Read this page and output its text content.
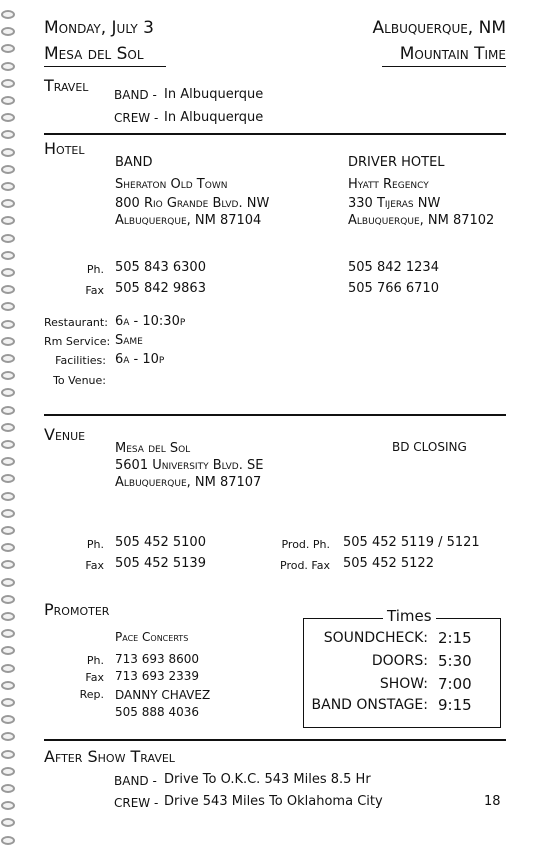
Monday, July 3
Mesa del Sol
Albuquerque, NM
Mountain Time
Travel BAND - In Albuquerque
CREW - In Albuquerque
Hotel
BAND
Sheraton Old Town
800 Rio Grande Blvd. NW
Albuquerque, NM 87104
DRIVER HOTEL
Hyatt Regency
330 Tijeras NW
Albuquerque, NM 87102
Ph. 505 843 6300
Fax 505 842 9863
505 842 1234
505 766 6710
Restaurant: 6a - 10:30p
Rm Service: Same
Facilities: 6a - 10p
To Venue:
Venue
Mesa del Sol
5601 University Blvd. SE
Albuquerque, NM 87107
BD CLOSING
Ph. 505 452 5100
Fax 505 452 5139
Prod. Ph. 505 452 5119 / 5121
Prod. Fax 505 452 5122
Promoter
Pace Concerts
Ph. 713 693 8600
Fax 713 693 2339
Rep. DANNY CHAVEZ
505 888 4036
Times
SOUNDCHECK: 2:15
DOORS: 5:30
SHOW: 7:00
BAND ONSTAGE: 9:15
After Show Travel
BAND - Drive To O.K.C. 543 Miles 8.5 Hr
CREW - Drive 543 Miles To Oklahoma City	18
